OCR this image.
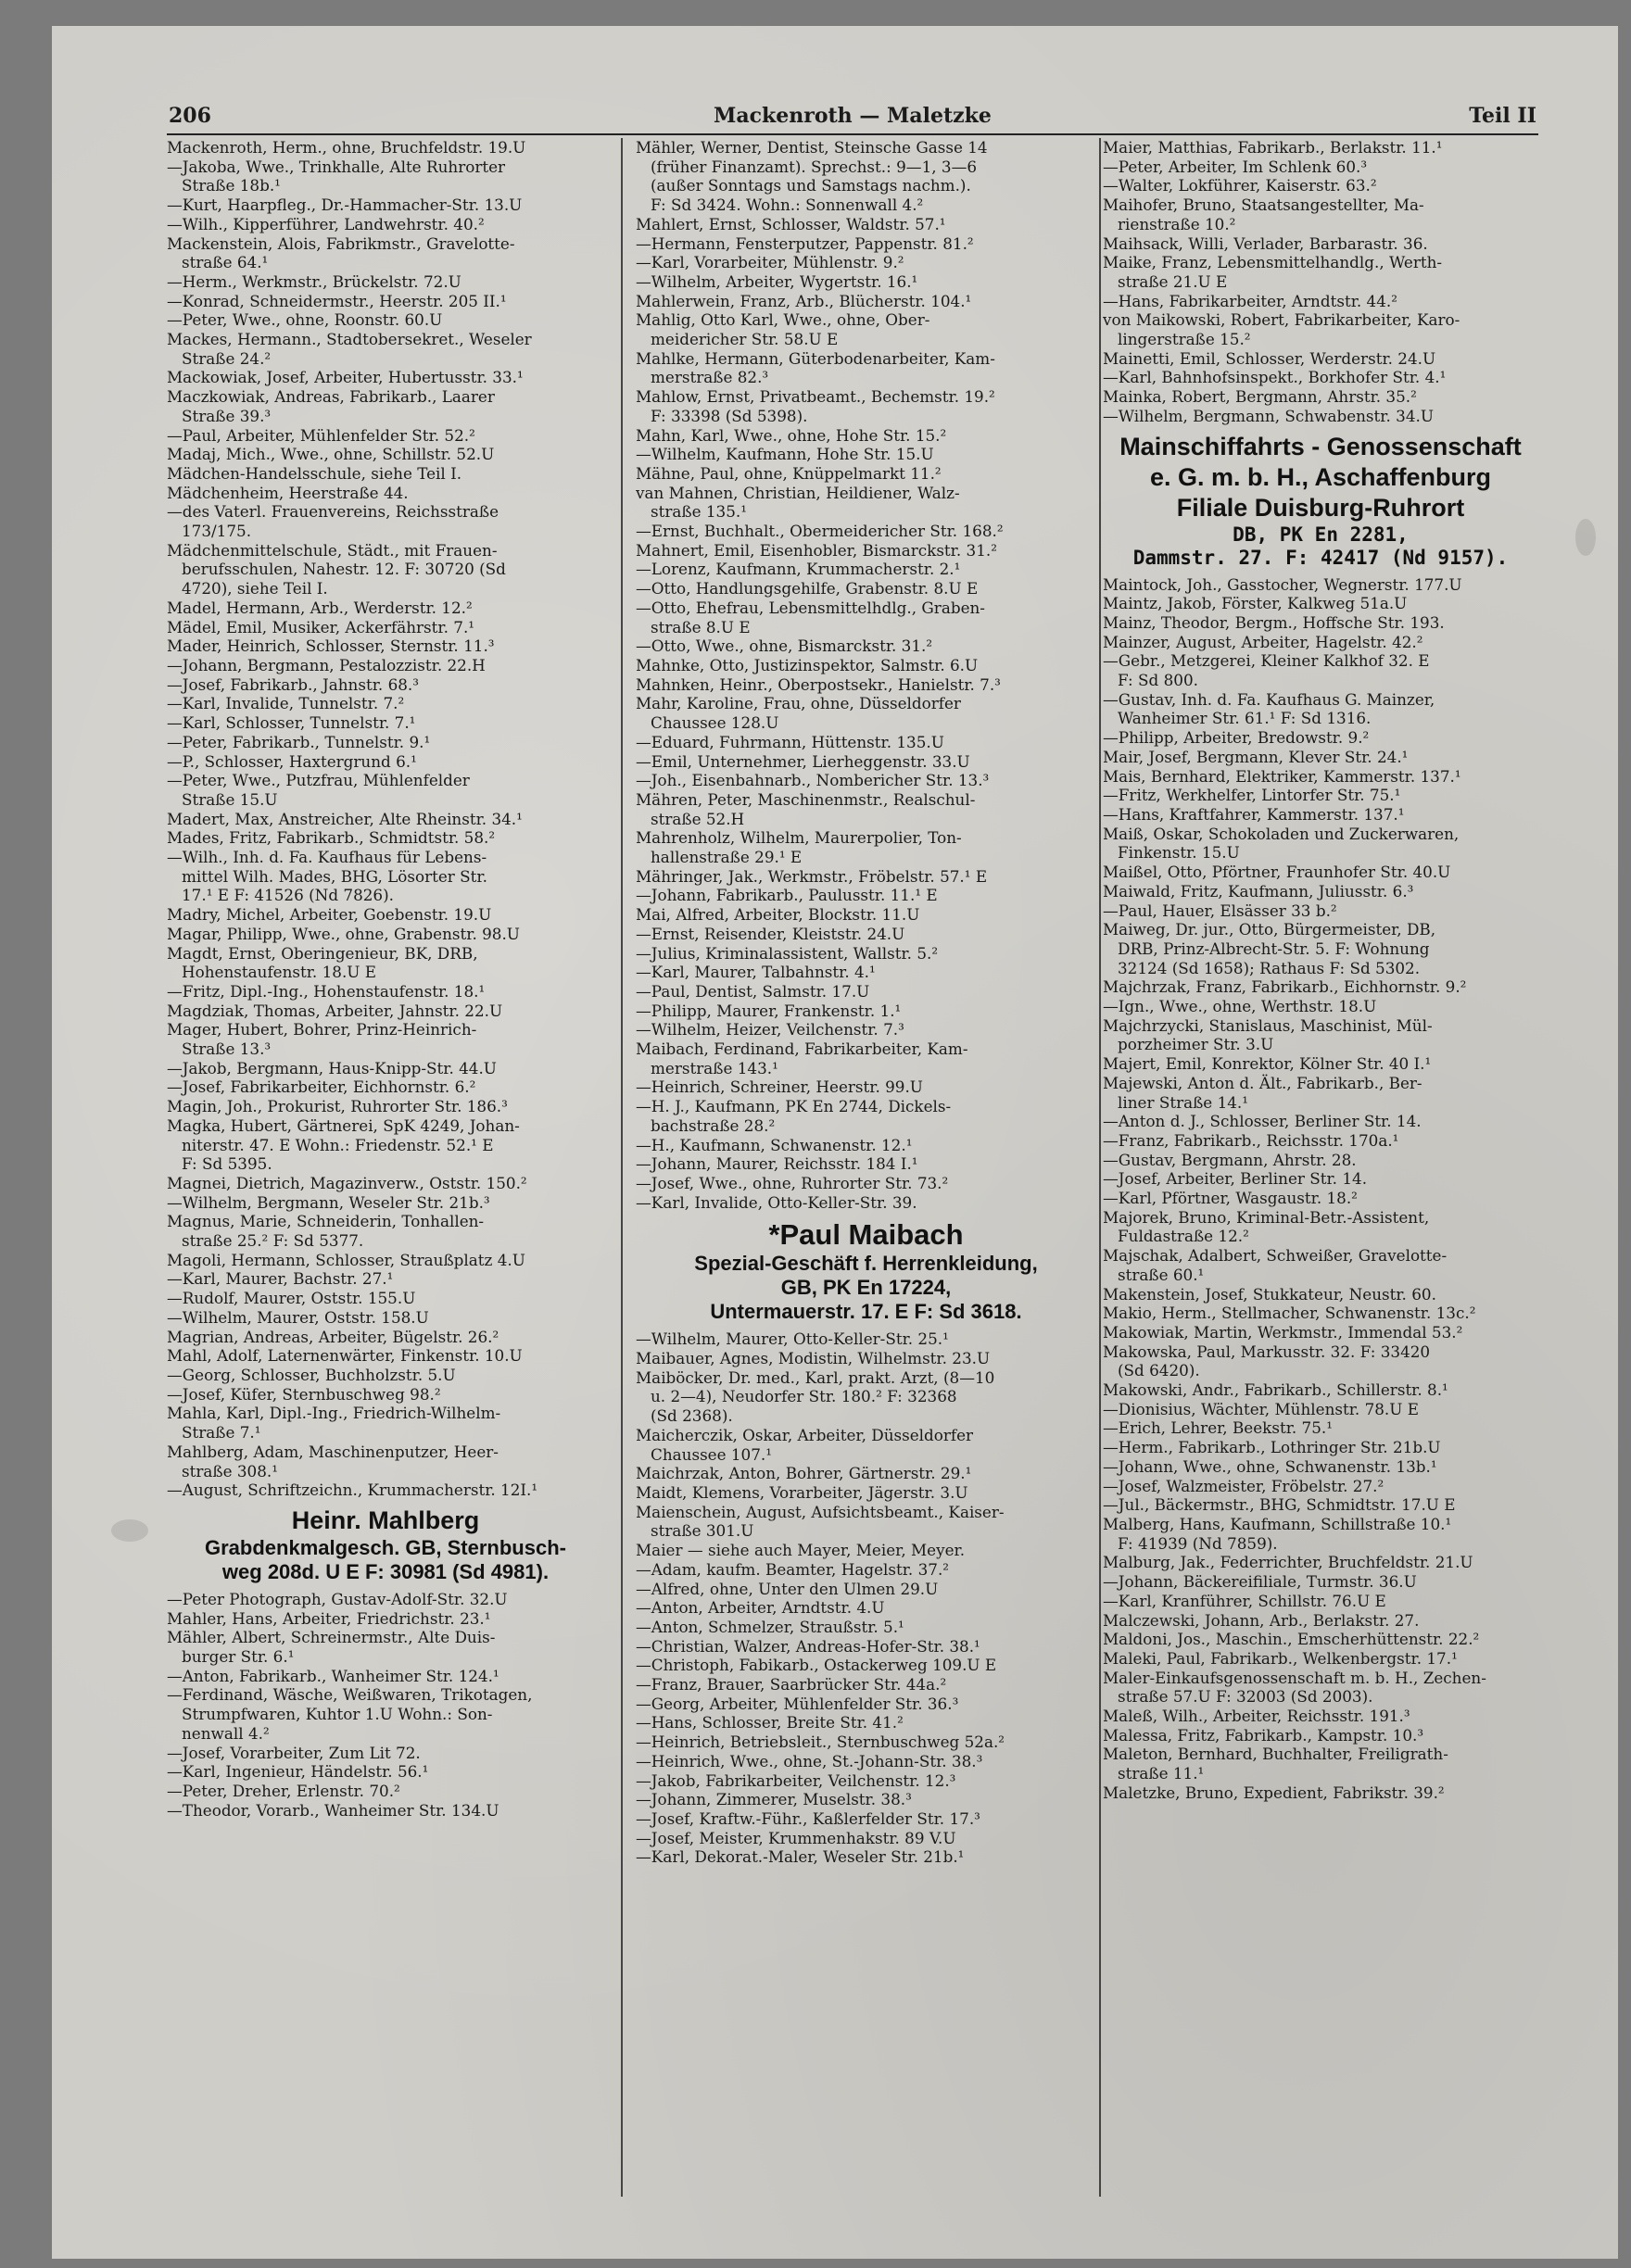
206	Mackenroth — Maletzke	Teil II
Mackenroth, Herm., ohne, Bruchfeldstr. 19.U
—Jakoba, Wwe., Trinkhalle, Alte Ruhrorter
Straße 18b.¹
—Kurt, Haarpfleg., Dr.-Hammacher-Str. 13.U
—Wilh., Kipperführer, Landwehrstr. 40.²
Mackenstein, Alois, Fabrikmstr., Gravelotte-
straße 64.¹
—Herm., Werkmstr., Brückelstr. 72.U
—Konrad, Schneidermstr., Heerstr. 205 II.¹
—Peter, Wwe., ohne, Roonstr. 60.U
Mackes, Hermann., Stadtobersekret., Weseler
Straße 24.²
Mackowiak, Josef, Arbeiter, Hubertusstr. 33.¹
Maczkowiak, Andreas, Fabrikarb., Laarer
Straße 39.³
—Paul, Arbeiter, Mühlenfelder Str. 52.²
Madaj, Mich., Wwe., ohne, Schillstr. 52.U
Mädchen-Handelsschule, siehe Teil I.
Mädchenheim, Heerstraße 44.
—des Vaterl. Frauenvereins, Reichsstraße
173/175.
Mädchenmittelschule, Städt., mit Frauen-
berufsschulen, Nahestr. 12. F: 30720 (Sd
4720), siehe Teil I.
Madel, Hermann, Arb., Werderstr. 12.²
Mädel, Emil, Musiker, Ackerfährstr. 7.¹
Mader, Heinrich, Schlosser, Sternstr. 11.³
—Johann, Bergmann, Pestalozzistr. 22.H
—Josef, Fabrikarb., Jahnstr. 68.³
—Karl, Invalide, Tunnelstr. 7.²
—Karl, Schlosser, Tunnelstr. 7.¹
—Peter, Fabrikarb., Tunnelstr. 9.¹
—P., Schlosser, Haxtergrund 6.¹
—Peter, Wwe., Putzfrau, Mühlenfelder
Straße 15.U
Madert, Max, Anstreicher, Alte Rheinstr. 34.¹
Mades, Fritz, Fabrikarb., Schmidtstr. 58.²
—Wilh., Inh. d. Fa. Kaufhaus für Lebens-
mittel Wilh. Mades, BHG, Lösorter Str.
17.¹ E F: 41526 (Nd 7826).
Madry, Michel, Arbeiter, Goebenstr. 19.U
Magar, Philipp, Wwe., ohne, Grabenstr. 98.U
Magdt, Ernst, Oberingenieur, BK, DRB,
Hohenstaufenstr. 18.U E
—Fritz, Dipl.-Ing., Hohenstaufenstr. 18.¹
Magdziak, Thomas, Arbeiter, Jahnstr. 22.U
Mager, Hubert, Bohrer, Prinz-Heinrich-
Straße 13.³
—Jakob, Bergmann, Haus-Knipp-Str. 44.U
—Josef, Fabrikarbeiter, Eichhornstr. 6.²
Magin, Joh., Prokurist, Ruhrorter Str. 186.³
Magka, Hubert, Gärtnerei, SpK 4249, Johan-
niterstr. 47. E Wohn.: Friedenstr. 52.¹ E
F: Sd 5395.
Magnei, Dietrich, Magazinverw., Oststr. 150.²
—Wilhelm, Bergmann, Weseler Str. 21b.³
Magnus, Marie, Schneiderin, Tonhallen-
straße 25.² F: Sd 5377.
Magoli, Hermann, Schlosser, Straußplatz 4.U
—Karl, Maurer, Bachstr. 27.¹
—Rudolf, Maurer, Oststr. 155.U
—Wilhelm, Maurer, Oststr. 158.U
Magrian, Andreas, Arbeiter, Bügelstr. 26.²
Mahl, Adolf, Laternenwärter, Finkenstr. 10.U
—Georg, Schlosser, Buchholzstr. 5.U
—Josef, Küfer, Sternbuschweg 98.²
Mahla, Karl, Dipl.-Ing., Friedrich-Wilhelm-
Straße 7.¹
Mahlberg, Adam, Maschinenputzer, Heer-
straße 308.¹
—August, Schriftzeichn., Krummacherstr. 12I.¹
Heinr. Mahlberg
Grabdenkmalgesch. GB, Sternbusch-
weg 208d. U E F: 30981 (Sd 4981).
—Peter Photograph, Gustav-Adolf-Str. 32.U
Mahler, Hans, Arbeiter, Friedrichstr. 23.¹
Mähler, Albert, Schreinermstr., Alte Duis-
burger Str. 6.¹
—Anton, Fabrikarb., Wanheimer Str. 124.¹
—Ferdinand, Wäsche, Weißwaren, Trikotagen,
Strumpfwaren, Kuhtor 1.U Wohn.: Son-
nenwall 4.²
—Josef, Vorarbeiter, Zum Lit 72.
—Karl, Ingenieur, Händelstr. 56.¹
—Peter, Dreher, Erlenstr. 70.²
—Theodor, Vorarb., Wanheimer Str. 134.U
Mähler, Werner, Dentist, Steinsche Gasse 14
(früher Finanzamt). Sprechst.: 9—1, 3—6
(außer Sonntags und Samstags nachm.).
F: Sd 3424. Wohn.: Sonnenwall 4.²
Mahlert, Ernst, Schlosser, Waldstr. 57.¹
—Hermann, Fensterputzer, Pappenstr. 81.²
—Karl, Vorarbeiter, Mühlenstr. 9.²
—Wilhelm, Arbeiter, Wygertstr. 16.¹
Mahlerwein, Franz, Arb., Blücherstr. 104.¹
Mahlig, Otto Karl, Wwe., ohne, Ober-
meidericher Str. 58.U E
Mahlke, Hermann, Güterbodenarbeiter, Kam-
merstraße 82.³
Mahlow, Ernst, Privatbeamt., Bechemstr. 19.²
F: 33398 (Sd 5398).
Mahn, Karl, Wwe., ohne, Hohe Str. 15.²
—Wilhelm, Kaufmann, Hohe Str. 15.U
Mähne, Paul, ohne, Knüppelmarkt 11.²
van Mahnen, Christian, Heildiener, Walz-
straße 135.¹
—Ernst, Buchhalt., Obermeidericher Str. 168.²
Mahnert, Emil, Eisenhobler, Bismarckstr. 31.²
—Lorenz, Kaufmann, Krummacherstr. 2.¹
—Otto, Handlungsgehilfe, Grabenstr. 8.U E
—Otto, Ehefrau, Lebensmittelhdlg., Graben-
straße 8.U E
—Otto, Wwe., ohne, Bismarckstr. 31.²
Mahnke, Otto, Justizinspektor, Salmstr. 6.U
Mahnken, Heinr., Oberpostsekr., Hanielstr. 7.³
Mahr, Karoline, Frau, ohne, Düsseldorfer
Chaussee 128.U
—Eduard, Fuhrmann, Hüttenstr. 135.U
—Emil, Unternehmer, Lierheggenstr. 33.U
—Joh., Eisenbahnarb., Nombericher Str. 13.³
Mähren, Peter, Maschinenmstr., Realschul-
straße 52.H
Mahrenholz, Wilhelm, Maurerpolier, Ton-
hallenstraße 29.¹ E
Mähringer, Jak., Werkmstr., Fröbelstr. 57.¹ E
—Johann, Fabrikarb., Paulusstr. 11.¹ E
Mai, Alfred, Arbeiter, Blockstr. 11.U
—Ernst, Reisender, Kleiststr. 24.U
—Julius, Kriminalassistent, Wallstr. 5.²
—Karl, Maurer, Talbahnstr. 4.¹
—Paul, Dentist, Salmstr. 17.U
—Philipp, Maurer, Frankenstr. 1.¹
—Wilhelm, Heizer, Veilchenstr. 7.³
Maibach, Ferdinand, Fabrikarbeiter, Kam-
merstraße 143.¹
—Heinrich, Schreiner, Heerstr. 99.U
—H. J., Kaufmann, PK En 2744, Dickels-
bachstraße 28.²
—H., Kaufmann, Schwanenstr. 12.¹
—Johann, Maurer, Reichsstr. 184 I.¹
—Josef, Wwe., ohne, Ruhrorter Str. 73.²
—Karl, Invalide, Otto-Keller-Str. 39.
*Paul Maibach
Spezial-Geschäft f. Herrenkleidung,
GB, PK En 17224,
Untermauerstr. 17. E F: Sd 3618.
—Wilhelm, Maurer, Otto-Keller-Str. 25.¹
Maibauer, Agnes, Modistin, Wilhelmstr. 23.U
Maiböcker, Dr. med., Karl, prakt. Arzt, (8—10
u. 2—4), Neudorfer Str. 180.² F: 32368
(Sd 2368).
Maicherczik, Oskar, Arbeiter, Düsseldorfer
Chaussee 107.¹
Maichrzak, Anton, Bohrer, Gärtnerstr. 29.¹
Maidt, Klemens, Vorarbeiter, Jägerstr. 3.U
Maienschein, August, Aufsichtsbeamt., Kaiser-
straße 301.U
Maier — siehe auch Mayer, Meier, Meyer.
—Adam, kaufm. Beamter, Hagelstr. 37.²
—Alfred, ohne, Unter den Ulmen 29.U
—Anton, Arbeiter, Arndtstr. 4.U
—Anton, Schmelzer, Straußstr. 5.¹
—Christian, Walzer, Andreas-Hofer-Str. 38.¹
—Christoph, Fabikarb., Ostackerweg 109.U E
—Franz, Brauer, Saarbrücker Str. 44a.²
—Georg, Arbeiter, Mühlenfelder Str. 36.³
—Hans, Schlosser, Breite Str. 41.²
—Heinrich, Betriebsleit., Sternbuschweg 52a.²
—Heinrich, Wwe., ohne, St.-Johann-Str. 38.³
—Jakob, Fabrikarbeiter, Veilchenstr. 12.³
—Johann, Zimmerer, Muselstr. 38.³
—Josef, Kraftw.-Führ., Kaßlerfelder Str. 17.³
—Josef, Meister, Krummenhakstr. 89 V.U
—Karl, Dekorat.-Maler, Weseler Str. 21b.¹
Maier, Matthias, Fabrikarb., Berlakstr. 11.¹
—Peter, Arbeiter, Im Schlenk 60.³
—Walter, Lokführer, Kaiserstr. 63.²
Maihofer, Bruno, Staatsangestellter, Ma-
rienstraße 10.²
Maihsack, Willi, Verlader, Barbarastr. 36.
Maike, Franz, Lebensmittelhandlg., Werth-
straße 21.U E
—Hans, Fabrikarbeiter, Arndtstr. 44.²
von Maikowski, Robert, Fabrikarbeiter, Karo-
lingerstraße 15.²
Mainetti, Emil, Schlosser, Werderstr. 24.U
—Karl, Bahnhofsinspekt., Borkhofer Str. 4.¹
Mainka, Robert, Bergmann, Ahrstr. 35.²
—Wilhelm, Bergmann, Schwabenstr. 34.U
Mainschiffahrts - Genossenschaft
e. G. m. b. H., Aschaffenburg
Filiale Duisburg-Ruhrort
DB, PK En 2281,
Dammstr. 27. F: 42417 (Nd 9157).
Maintock, Joh., Gasstocher, Wegnerstr. 177.U
Maintz, Jakob, Förster, Kalkweg 51a.U
Mainz, Theodor, Bergm., Hoffsche Str. 193.
Mainzer, August, Arbeiter, Hagelstr. 42.²
—Gebr., Metzgerei, Kleiner Kalkhof 32. E
F: Sd 800.
—Gustav, Inh. d. Fa. Kaufhaus G. Mainzer,
Wanheimer Str. 61.¹ F: Sd 1316.
—Philipp, Arbeiter, Bredowstr. 9.²
Mair, Josef, Bergmann, Klever Str. 24.¹
Mais, Bernhard, Elektriker, Kammerstr. 137.¹
—Fritz, Werkhelfer, Lintorfer Str. 75.¹
—Hans, Kraftfahrer, Kammerstr. 137.¹
Maiß, Oskar, Schokoladen und Zuckerwaren,
Finkenstr. 15.U
Maißel, Otto, Pförtner, Fraunhofer Str. 40.U
Maiwald, Fritz, Kaufmann, Juliusstr. 6.³
—Paul, Hauer, Elsässer 33 b.²
Maiweg, Dr. jur., Otto, Bürgermeister, DB,
DRB, Prinz-Albrecht-Str. 5. F: Wohnung
32124 (Sd 1658); Rathaus F: Sd 5302.
Majchrzak, Franz, Fabrikarb., Eichhornstr. 9.²
—Ign., Wwe., ohne, Werthstr. 18.U
Majchrzycki, Stanislaus, Maschinist, Mül-
porzheimer Str. 3.U
Majert, Emil, Konrektor, Kölner Str. 40 I.¹
Majewski, Anton d. Ält., Fabrikarb., Ber-
liner Straße 14.¹
—Anton d. J., Schlosser, Berliner Str. 14.
—Franz, Fabrikarb., Reichsstr. 170a.¹
—Gustav, Bergmann, Ahrstr. 28.
—Josef, Arbeiter, Berliner Str. 14.
—Karl, Pförtner, Wasgaustr. 18.²
Majorek, Bruno, Kriminal-Betr.-Assistent,
Fuldastraße 12.²
Majschak, Adalbert, Schweißer, Gravelotte-
straße 60.¹
Makenstein, Josef, Stukkateur, Neustr. 60.
Makio, Herm., Stellmacher, Schwanenstr. 13c.²
Makowiak, Martin, Werkmstr., Immendal 53.²
Makowska, Paul, Markusstr. 32. F: 33420
(Sd 6420).
Makowski, Andr., Fabrikarb., Schillerstr. 8.¹
—Dionisius, Wächter, Mühlenstr. 78.U E
—Erich, Lehrer, Beekstr. 75.¹
—Herm., Fabrikarb., Lothringer Str. 21b.U
—Johann, Wwe., ohne, Schwanenstr. 13b.¹
—Josef, Walzmeister, Fröbelstr. 27.²
—Jul., Bäckermstr., BHG, Schmidtstr. 17.U E
Malberg, Hans, Kaufmann, Schillstraße 10.¹
F: 41939 (Nd 7859).
Malburg, Jak., Federrichter, Bruchfeldstr. 21.U
—Johann, Bäckereifiliale, Turmstr. 36.U
—Karl, Kranführer, Schillstr. 76.U E
Malczewski, Johann, Arb., Berlakstr. 27.
Maldoni, Jos., Maschin., Emscherhüttenstr. 22.²
Maleki, Paul, Fabrikarb., Welkenbergstr. 17.¹
Maler-Einkaufsgenossenschaft m. b. H., Zechen-
straße 57.U F: 32003 (Sd 2003).
Maleß, Wilh., Arbeiter, Reichsstr. 191.³
Malessa, Fritz, Fabrikarb., Kampstr. 10.³
Maleton, Bernhard, Buchhalter, Freiligrath-
straße 11.¹
Maletzke, Bruno, Expedient, Fabrikstr. 39.²
